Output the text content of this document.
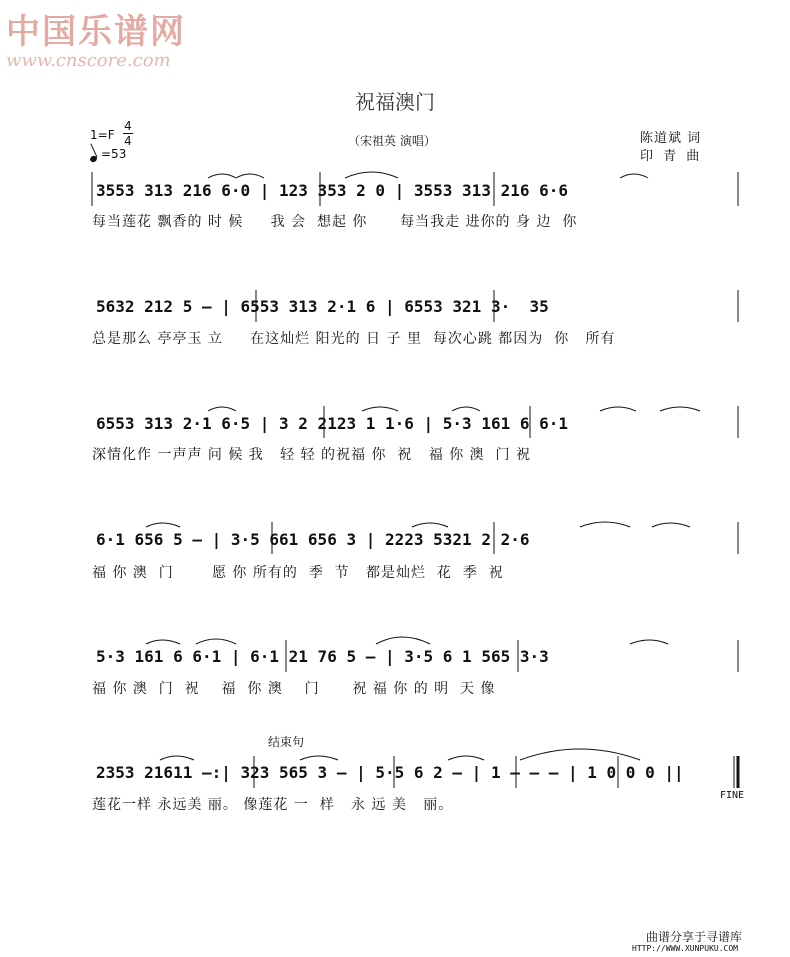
中国乐谱网
www.cnscore.com
祝福澳门
1=F
4
4
=53
（宋祖英 演唱）	陈道斌 词
印 青 曲
3553 313 216 6·0 | 123 353 2 0 | 3553 313 216 6·6
每当莲花 飘香的 时 候     我 会  想起 你      每当我走 进你的 身 边  你
5632 212 5 — | 6553 313 2·1 6 | 6553 321 3·  35
总是那么 亭亭玉 立     在这灿烂 阳光的 日 子 里  每次心跳 都因为  你   所有
6553 313 2·1 6·5 | 3 2 2123 1 1·6 | 5·3 161 6 6·1
深情化作 一声声 问 候 我   轻 轻 的祝福 你  祝   福 你 澳  门 祝
6·1 656 5 — | 3·5 661 656 3 | 2223 5321 2 2·6
福 你 澳  门       愿 你 所有的  季  节   都是灿烂  花  季  祝
5·3 161 6 6·1 | 6·1 21 76 5 — | 3·5 6 1 565 3·3
福 你 澳  门  祝    福  你 澳    门      祝 福 你 的 明  天 像
结束句
2353 21611 —:| 323 565 3 — | 5·5 6 2 — | 1 — — — | 1 0 0 0 ||
莲花一样 永远美 丽。 像莲花 一  样   永 远 美   丽。
FINE
曲谱分享于寻谱库
HTTP://WWW.XUNPUKU.COM
